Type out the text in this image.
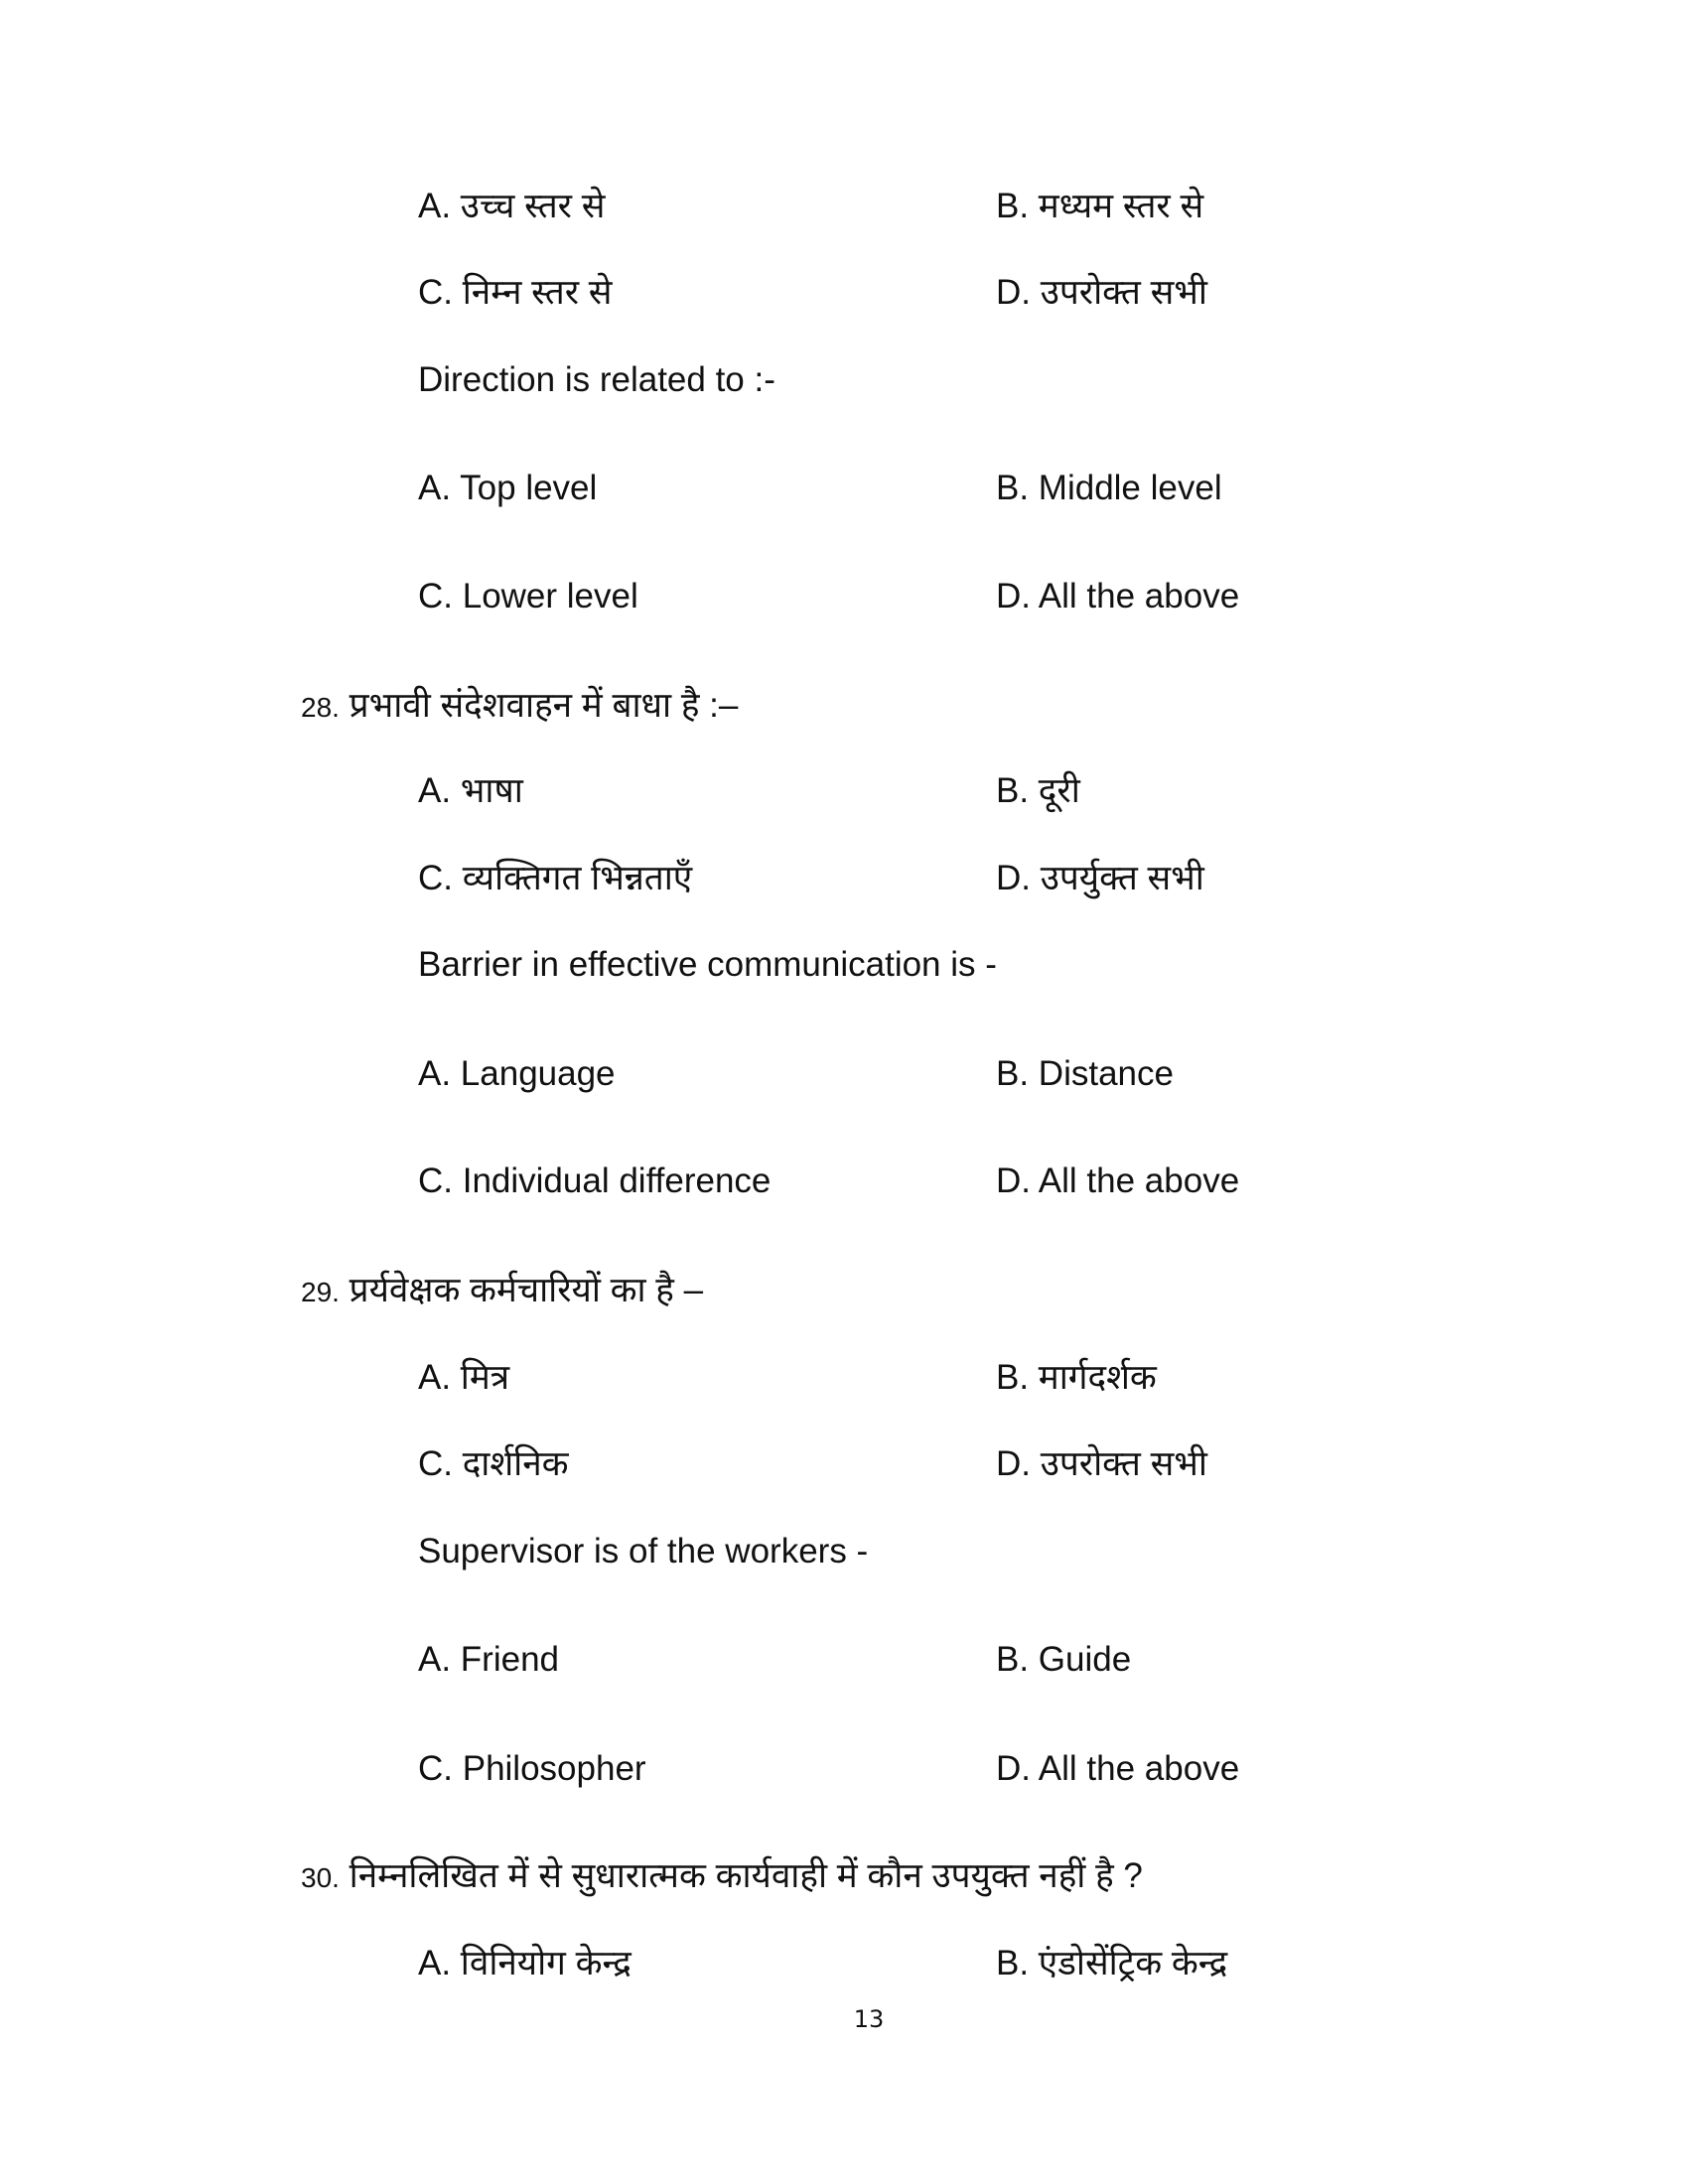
A. उच्च स्तर से	B. मध्यम स्तर से
C. निम्न स्तर से	D. उपरोक्त सभी
Direction is related to :-
A. Top level	B. Middle level
C. Lower level	D. All the above
28. प्रभावी संदेशवाहन में बाधा है :–
A. भाषा	B. दूरी
C. व्यक्तिगत भिन्नताएँ	D. उपर्युक्त सभी
Barrier in effective communication is -
A. Language	B. Distance
C. Individual difference	D. All the above
29. प्रर्यवेक्षक कर्मचारियों का है –
A. मित्र	B. मार्गदर्शक
C. दार्शनिक	D. उपरोक्त सभी
Supervisor is of the workers -
A. Friend	B. Guide
C. Philosopher	D. All the above
30. निम्नलिखित में से सुधारात्मक कार्यवाही में कौन उपयुक्त नहीं है ?
A. विनियोग केन्द्र	B. एंडोसेंट्रिक केन्द्र
13
